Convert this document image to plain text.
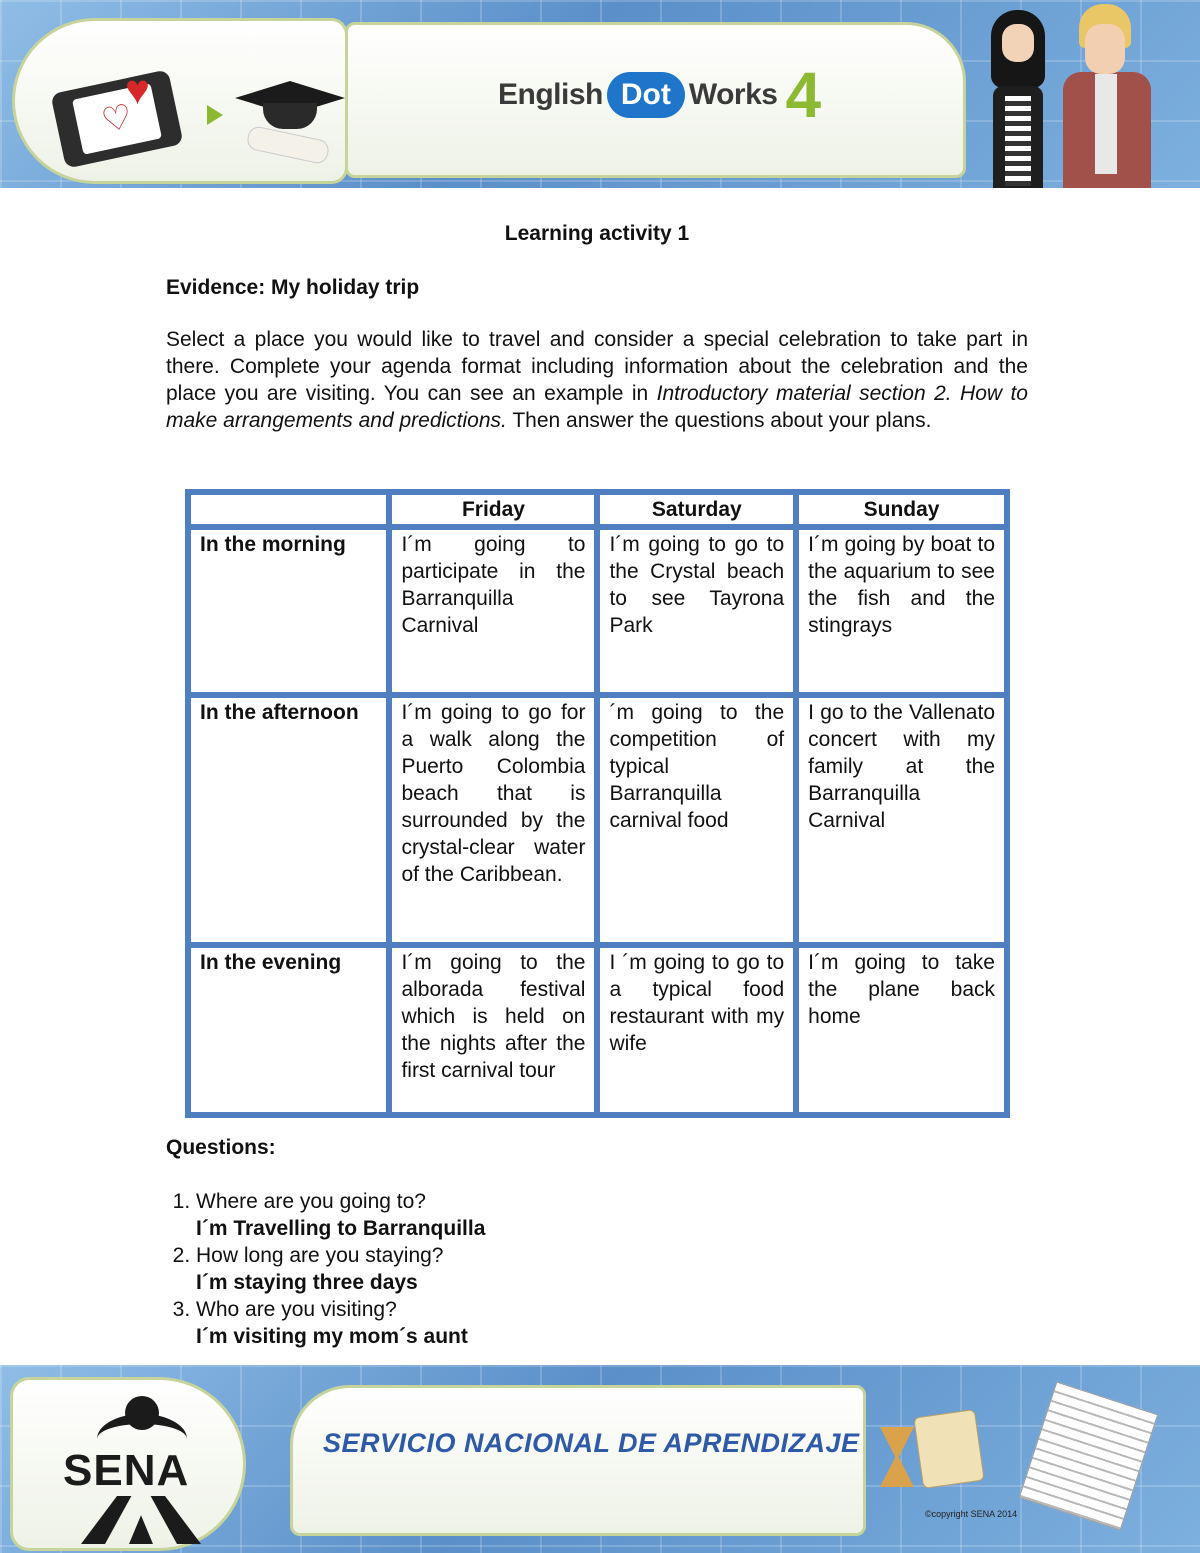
♡
♥	English Dot Works 4

Learning activity 1

Evidence: My holiday trip

Select a place you would like to travel and consider a special celebration to take part in there. Complete your agenda format including information about the celebration and the place you are visiting. You can see an example in Introductory material section 2. How to make arrangements and predictions. Then answer the questions about your plans.

	Friday	Saturday	Sunday
In the morning	I´m going to participate in the Barranquilla Carnival	I´m going to go to the Crystal beach to see Tayrona Park	I´m going by boat to the aquarium to see the fish and the stingrays
In the afternoon	I´m going to go for a walk along the Puerto Colombia beach that is surrounded by the crystal-clear water of the Caribbean.	´m going to the competition of typical Barranquilla carnival food	I go to the Vallenato concert with my family at the Barranquilla Carnival
In the evening	I´m going to the alborada festival which is held on the nights after the first carnival tour	I ´m going to go to a typical food restaurant with my wife	I´m going to take the plane back home

Questions:

1. Where are you going to?
I´m Travelling to Barranquilla
2. How long are you staying?
I´m staying three days
3. Who are you visiting?
I´m visiting my mom´s aunt
SENA
SERVICIO NACIONAL DE APRENDIZAJE
©copyright SENA 2014
